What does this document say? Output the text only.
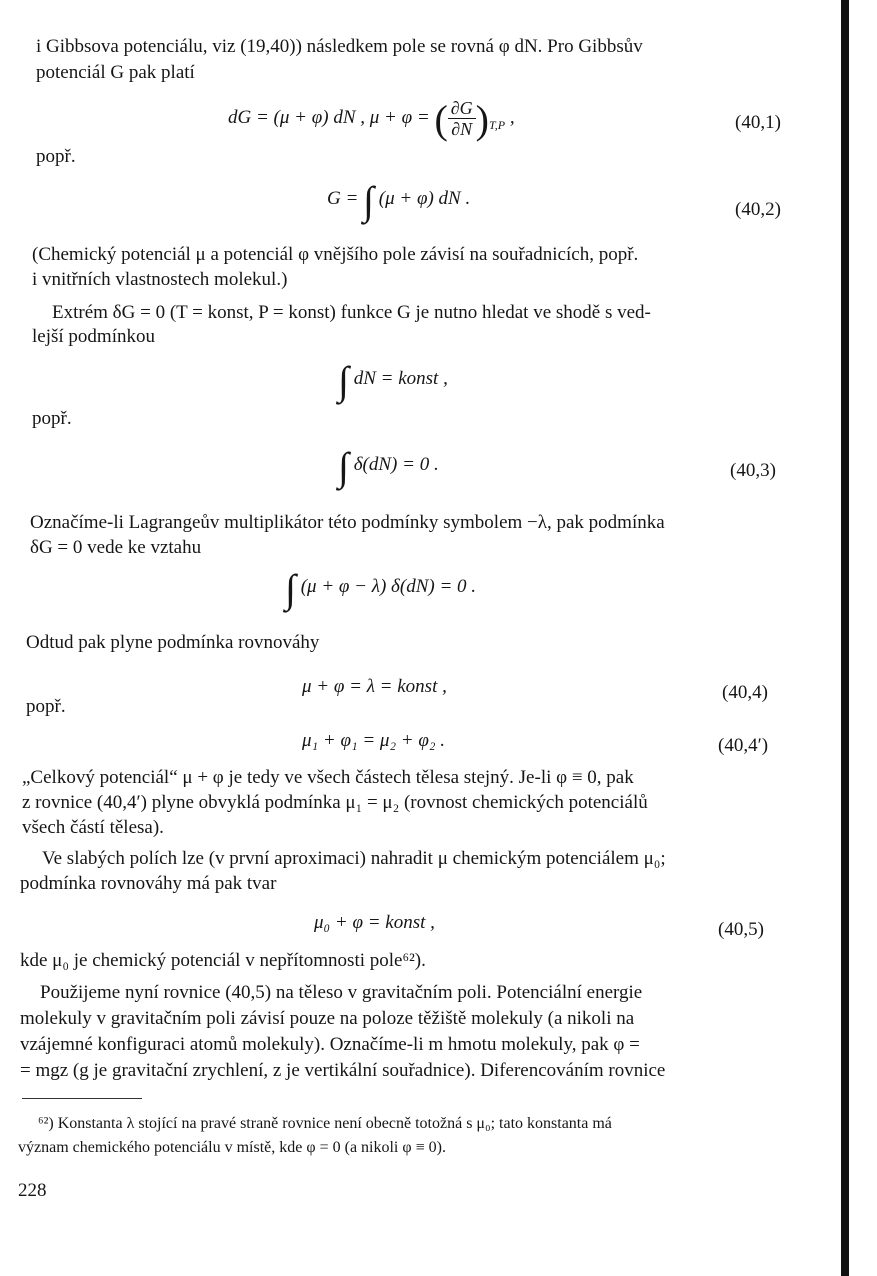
i Gibbsova potenciálu, viz (19,40)) následkem pole se rovná φ dN. Pro Gibbsův
potenciál G pak platí
dG = (μ + φ) dN , μ + φ = ( $\frac{\partial G}{\partial N} )_{T,P}$ ,	(40,1)
popř.
G = ∫ (μ + φ) dN .
(40,2)
(Chemický potenciál μ a potenciál φ vnějšího pole závisí na souřadnicích, popř.
i vnitřních vlastnostech molekul.)
Extrém δG = 0 (T = konst, P = konst) funkce G je nutno hledat ve shodě s ved-
lejší podmínkou
∫ dN = konst ,
popř.
∫ δ(dN) = 0 .	(40,3)
Označíme-li Lagrangeův multiplikátor této podmínky symbolem −λ, pak podmínka
δG = 0 vede ke vztahu
∫ (μ + φ − λ) δ(dN) = 0 .
Odtud pak plyne podmínka rovnováhy
μ + φ = λ = konst ,	(40,4)
popř.
μ₁ + φ₁ = μ₂ + φ₂ .	(40,4′)
„Celkový potenciál“ μ + φ je tedy ve všech částech tělesa stejný. Je-li φ ≡ 0, pak
z rovnice (40,4′) plyne obvyklá podmínka μ₁ = μ₂ (rovnost chemických potenciálů
všech částí tělesa).
Ve slabých polích lze (v první aproximaci) nahradit μ chemickým potenciálem μ₀;
podmínka rovnováhy má pak tvar
μ₀ + φ = konst ,	(40,5)
kde μ₀ je chemický potenciál v nepřítomnosti pole⁶²).
Použijeme nyní rovnice (40,5) na těleso v gravitačním poli. Potenciální energie
molekuly v gravitačním poli závisí pouze na poloze těžiště molekuly (a nikoli na
vzájemné konfiguraci atomů molekuly). Označíme-li m hmotu molekuly, pak φ =
= mgz (g je gravitační zrychlení, z je vertikální souřadnice). Diferencováním rovnice
⁶²) Konstanta λ stojící na pravé straně rovnice není obecně totožná s μ₀; tato konstanta má
význam chemického potenciálu v místě, kde φ = 0 (a nikoli φ ≡ 0).
228
